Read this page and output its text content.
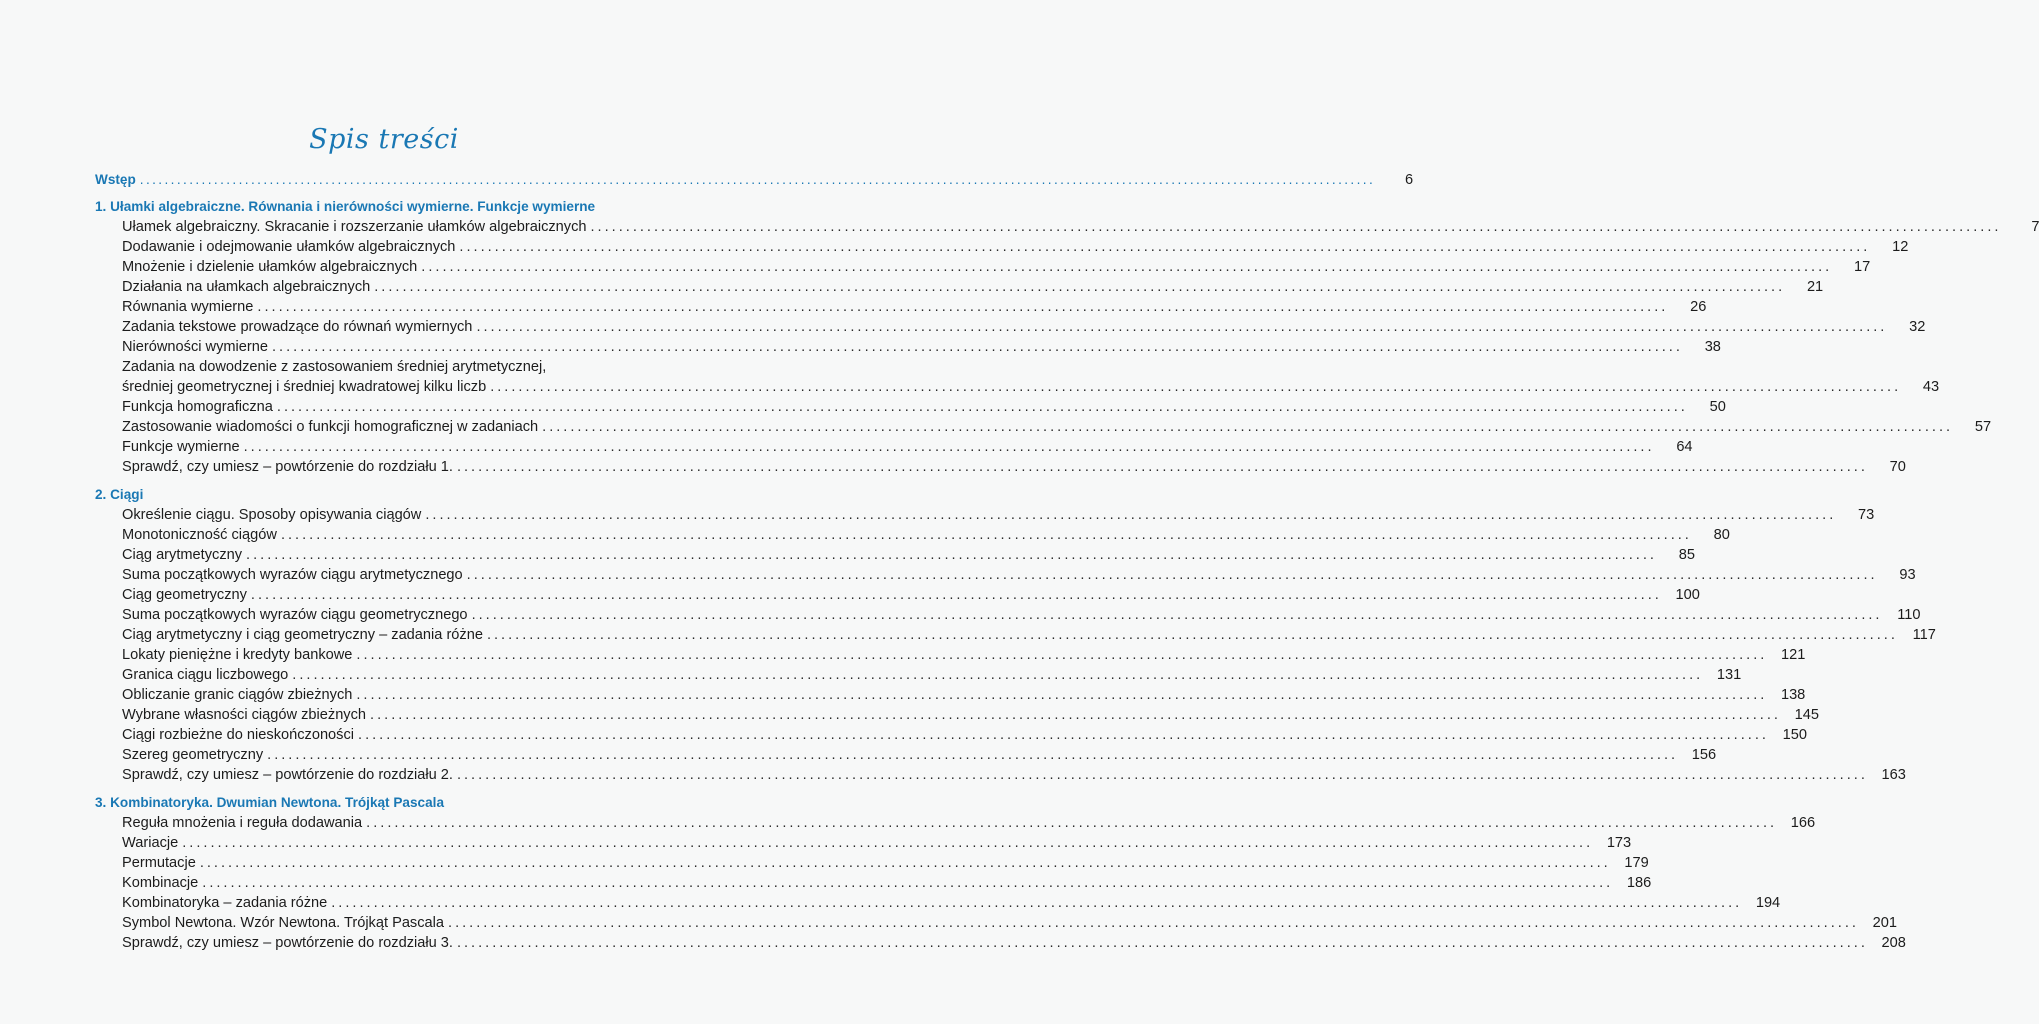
Spis treści
Wstęp ........................................................................................................................................................................................................	6
1. Ułamki algebraiczne. Równania i nierówności wymierne. Funkcje wymierne
Ułamek algebraiczny. Skracanie i rozszerzanie ułamków algebraicznych ........................................................................................................................................................................................................	7
Dodawanie i odejmowanie ułamków algebraicznych ........................................................................................................................................................................................................	12
Mnożenie i dzielenie ułamków algebraicznych ........................................................................................................................................................................................................	17
Działania na ułamkach algebraicznych ........................................................................................................................................................................................................	21
Równania wymierne ........................................................................................................................................................................................................	26
Zadania tekstowe prowadzące do równań wymiernych ........................................................................................................................................................................................................	32
Nierówności wymierne ........................................................................................................................................................................................................	38
Zadania na dowodzenie z zastosowaniem średniej arytmetycznej,
średniej geometrycznej i średniej kwadratowej kilku liczb ........................................................................................................................................................................................................	43
Funkcja homograficzna ........................................................................................................................................................................................................	50
Zastosowanie wiadomości o funkcji homograficznej w zadaniach ........................................................................................................................................................................................................	57
Funkcje wymierne ........................................................................................................................................................................................................	64
Sprawdź, czy umiesz – powtórzenie do rozdziału 1. ........................................................................................................................................................................................................	70
2. Ciągi
Określenie ciągu. Sposoby opisywania ciągów ........................................................................................................................................................................................................	73
Monotoniczność ciągów ........................................................................................................................................................................................................	80
Ciąg arytmetyczny ........................................................................................................................................................................................................	85
Suma początkowych wyrazów ciągu arytmetycznego ........................................................................................................................................................................................................	93
Ciąg geometryczny ........................................................................................................................................................................................................ 100
Suma początkowych wyrazów ciągu geometrycznego ........................................................................................................................................................................................................	110
Ciąg arytmetyczny i ciąg geometryczny – zadania różne ........................................................................................................................................................................................................	117
Lokaty pieniężne i kredyty bankowe ........................................................................................................................................................................................................ 121
Granica ciągu liczbowego ........................................................................................................................................................................................................ 131
Obliczanie granic ciągów zbieżnych ........................................................................................................................................................................................................ 138
Wybrane własności ciągów zbieżnych ........................................................................................................................................................................................................ 145
Ciągi rozbieżne do nieskończoności ........................................................................................................................................................................................................ 150
Szereg geometryczny ........................................................................................................................................................................................................ 156
Sprawdź, czy umiesz – powtórzenie do rozdziału 2. ........................................................................................................................................................................................................ 163
3. Kombinatoryka. Dwumian Newtona. Trójkąt Pascala
Reguła mnożenia i reguła dodawania ........................................................................................................................................................................................................ 166
Wariacje ........................................................................................................................................................................................................ 173
Permutacje ........................................................................................................................................................................................................ 179
Kombinacje ........................................................................................................................................................................................................ 186
Kombinatoryka – zadania różne ........................................................................................................................................................................................................ 194
Symbol Newtona. Wzór Newtona. Trójkąt Pascala ........................................................................................................................................................................................................ 201
Sprawdź, czy umiesz – powtórzenie do rozdziału 3. ........................................................................................................................................................................................................ 208
